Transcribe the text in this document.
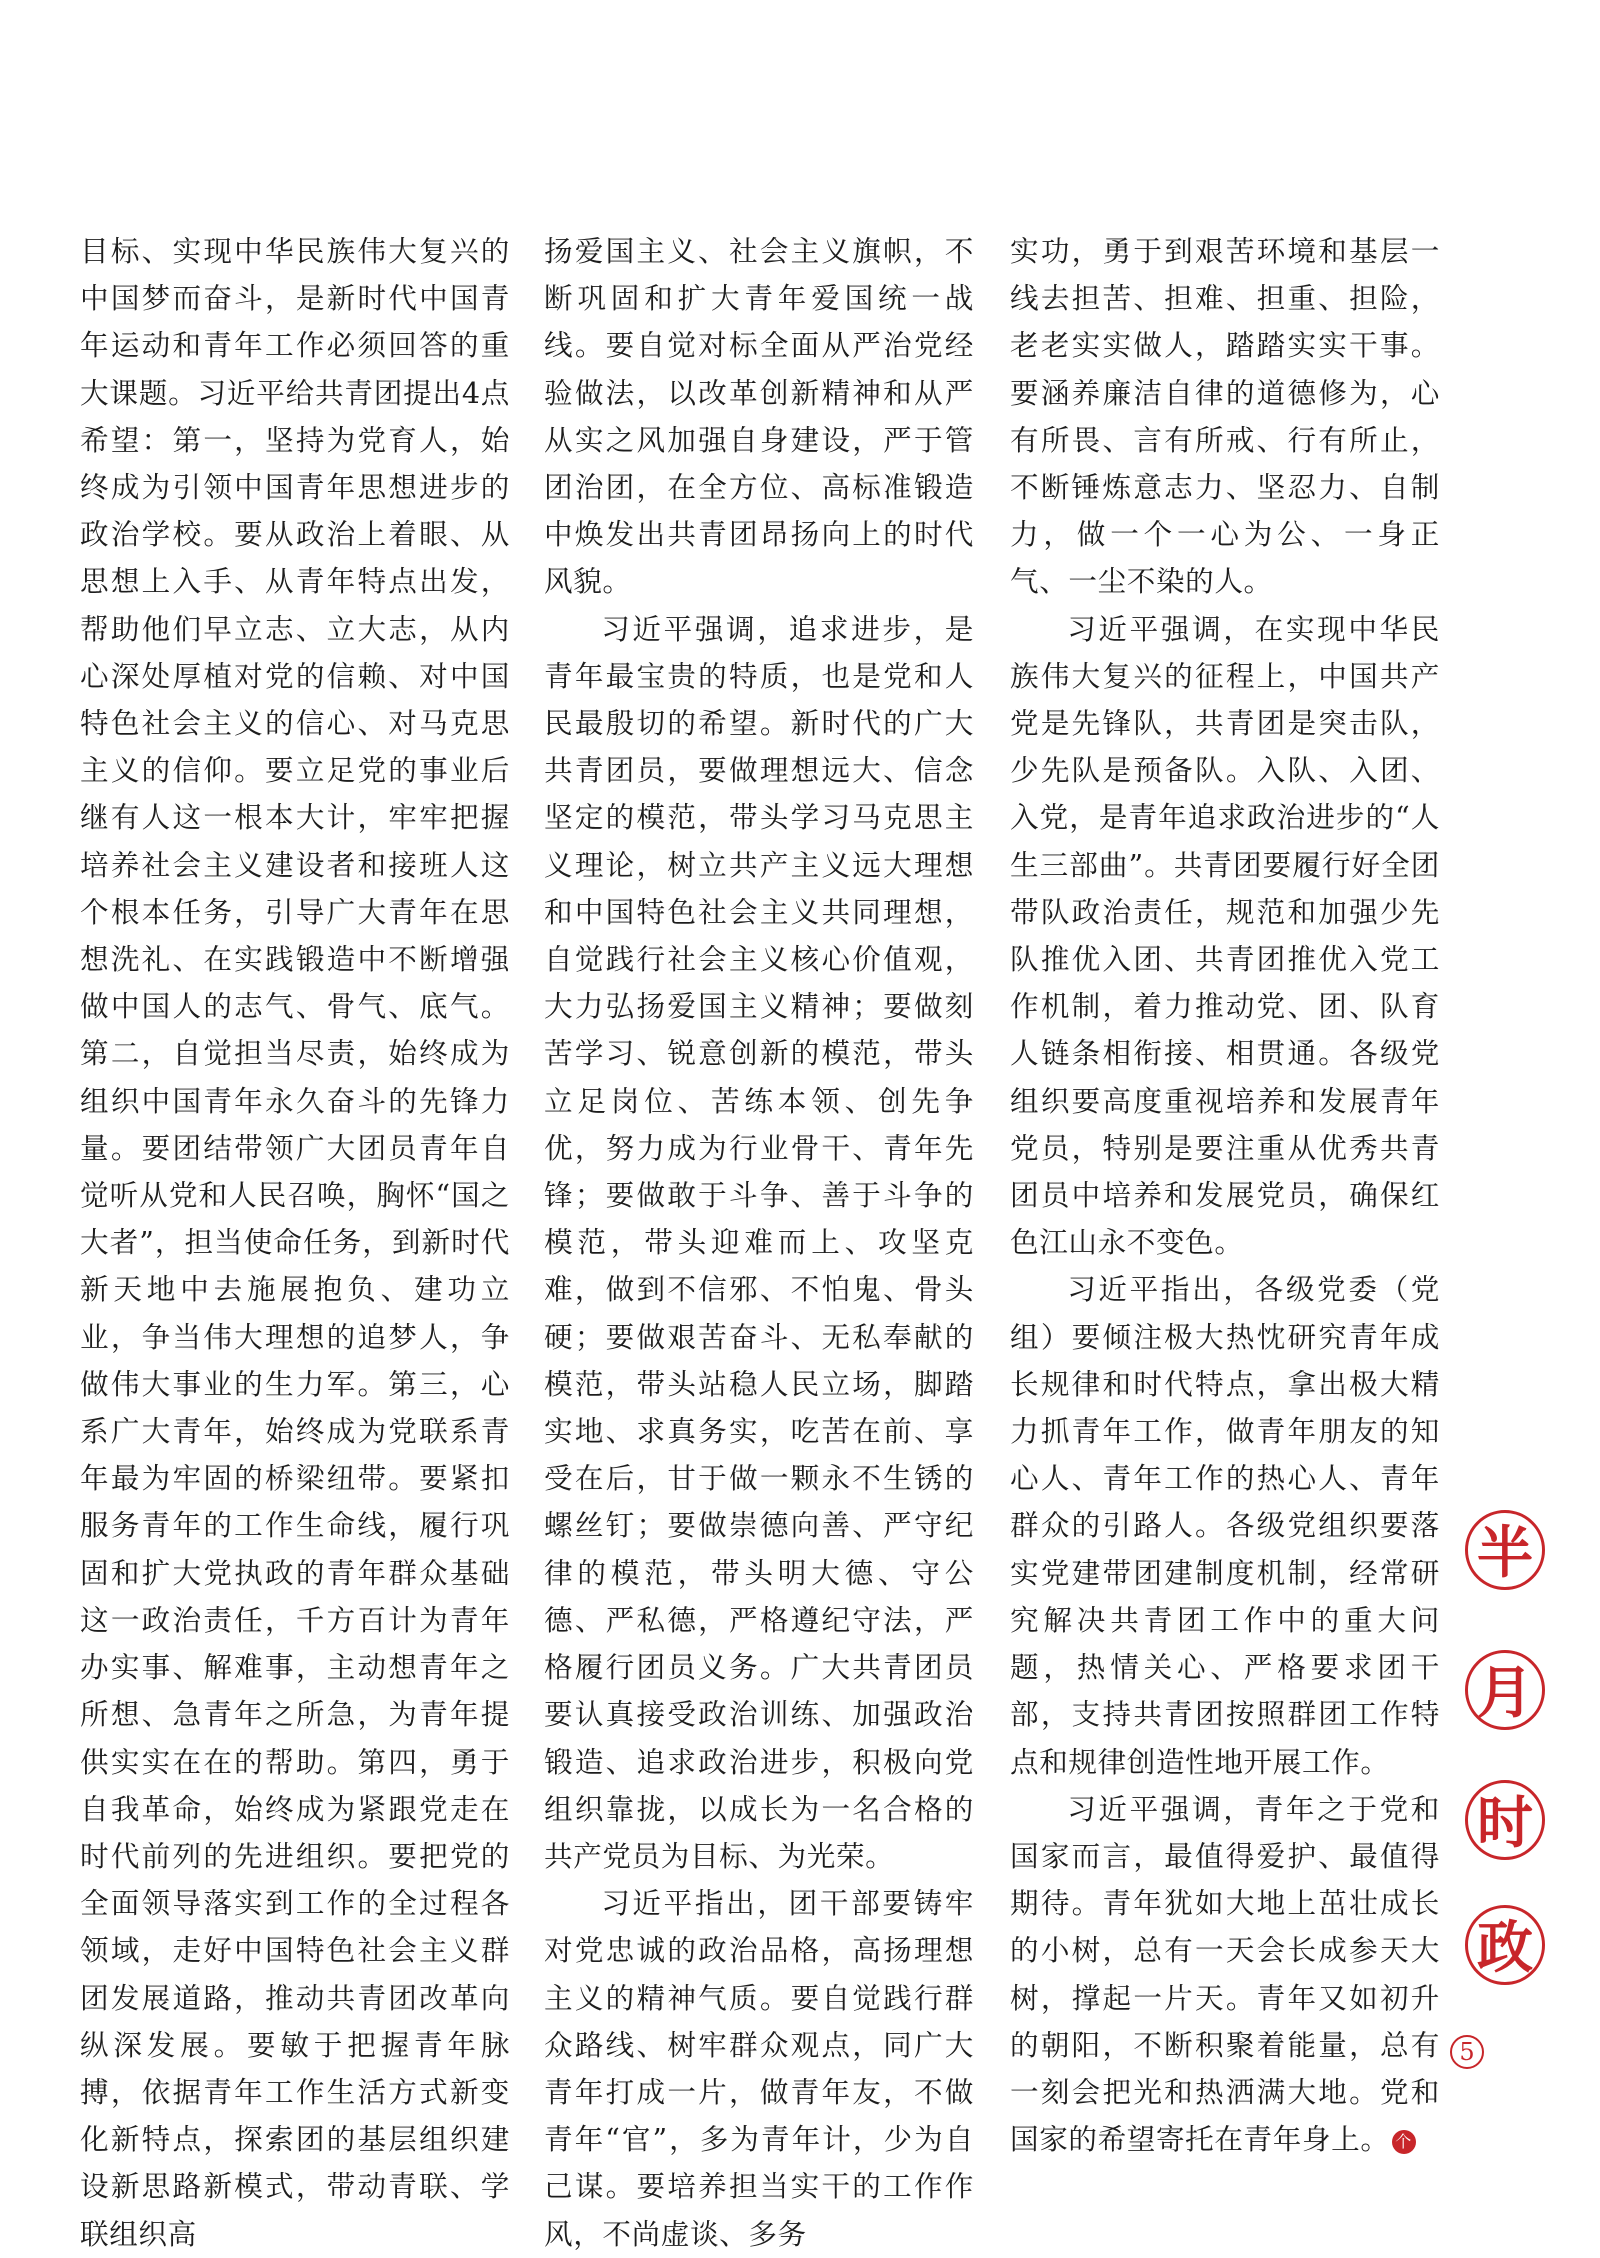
目标、实现中华民族伟大复兴的中国梦而奋斗，是新时代中国青年运动和青年工作必须回答的重大课题。习近平给共青团提出4点希望：第一，坚持为党育人，始终成为引领中国青年思想进步的政治学校。要从政治上着眼、从思想上入手、从青年特点出发，帮助他们早立志、立大志，从内心深处厚植对党的信赖、对中国特色社会主义的信心、对马克思主义的信仰。要立足党的事业后继有人这一根本大计，牢牢把握培养社会主义建设者和接班人这个根本任务，引导广大青年在思想洗礼、在实践锻造中不断增强做中国人的志气、骨气、底气。第二，自觉担当尽责，始终成为组织中国青年永久奋斗的先锋力量。要团结带领广大团员青年自觉听从党和人民召唤，胸怀“国之大者”，担当使命任务，到新时代新天地中去施展抱负、建功立业，争当伟大理想的追梦人，争做伟大事业的生力军。第三，心系广大青年，始终成为党联系青年最为牢固的桥梁纽带。要紧扣服务青年的工作生命线，履行巩固和扩大党执政的青年群众基础这一政治责任，千方百计为青年办实事、解难事，主动想青年之所想、急青年之所急，为青年提供实实在在的帮助。第四，勇于自我革命，始终成为紧跟党走在时代前列的先进组织。要把党的全面领导落实到工作的全过程各领域，走好中国特色社会主义群团发展道路，推动共青团改革向纵深发展。要敏于把握青年脉搏，依据青年工作生活方式新变化新特点，探索团的基层组织建设新思路新模式，带动青联、学联组织高

扬爱国主义、社会主义旗帜，不断巩固和扩大青年爱国统一战线。要自觉对标全面从严治党经验做法，以改革创新精神和从严从实之风加强自身建设，严于管团治团，在全方位、高标准锻造中焕发出共青团昂扬向上的时代风貌。

习近平强调，追求进步，是青年最宝贵的特质，也是党和人民最殷切的希望。新时代的广大共青团员，要做理想远大、信念坚定的模范，带头学习马克思主义理论，树立共产主义远大理想和中国特色社会主义共同理想，自觉践行社会主义核心价值观，大力弘扬爱国主义精神；要做刻苦学习、锐意创新的模范，带头立足岗位、苦练本领、创先争优，努力成为行业骨干、青年先锋；要做敢于斗争、善于斗争的模范，带头迎难而上、攻坚克难，做到不信邪、不怕鬼、骨头硬；要做艰苦奋斗、无私奉献的模范，带头站稳人民立场，脚踏实地、求真务实，吃苦在前、享受在后，甘于做一颗永不生锈的螺丝钉；要做崇德向善、严守纪律的模范，带头明大德、守公德、严私德，严格遵纪守法，严格履行团员义务。广大共青团员要认真接受政治训练、加强政治锻造、追求政治进步，积极向党组织靠拢，以成长为一名合格的共产党员为目标、为光荣。

习近平指出，团干部要铸牢对党忠诚的政治品格，高扬理想主义的精神气质。要自觉践行群众路线、树牢群众观点，同广大青年打成一片，做青年友，不做青年“官”，多为青年计，少为自己谋。要培养担当实干的工作作风，不尚虚谈、多务

实功，勇于到艰苦环境和基层一线去担苦、担难、担重、担险，老老实实做人，踏踏实实干事。要涵养廉洁自律的道德修为，心有所畏、言有所戒、行有所止，不断锤炼意志力、坚忍力、自制力，做一个一心为公、一身正气、一尘不染的人。

习近平强调，在实现中华民族伟大复兴的征程上，中国共产党是先锋队，共青团是突击队，少先队是预备队。入队、入团、入党，是青年追求政治进步的“人生三部曲”。共青团要履行好全团带队政治责任，规范和加强少先队推优入团、共青团推优入党工作机制，着力推动党、团、队育人链条相衔接、相贯通。各级党组织要高度重视培养和发展青年党员，特别是要注重从优秀共青团员中培养和发展党员，确保红色江山永不变色。

习近平指出，各级党委（党组）要倾注极大热忱研究青年成长规律和时代特点，拿出极大精力抓青年工作，做青年朋友的知心人、青年工作的热心人、青年群众的引路人。各级党组织要落实党建带团建制度机制，经常研究解决共青团工作中的重大问题，热情关心、严格要求团干部，支持共青团按照群团工作特点和规律创造性地开展工作。

习近平强调，青年之于党和国家而言，最值得爱护、最值得期待。青年犹如大地上茁壮成长的小树，总有一天会长成参天大树，撑起一片天。青年又如初升的朝阳，不断积聚着能量，总有一刻会把光和热洒满大地。党和国家的希望寄托在青年身上。 个

半
月
时
政
5
